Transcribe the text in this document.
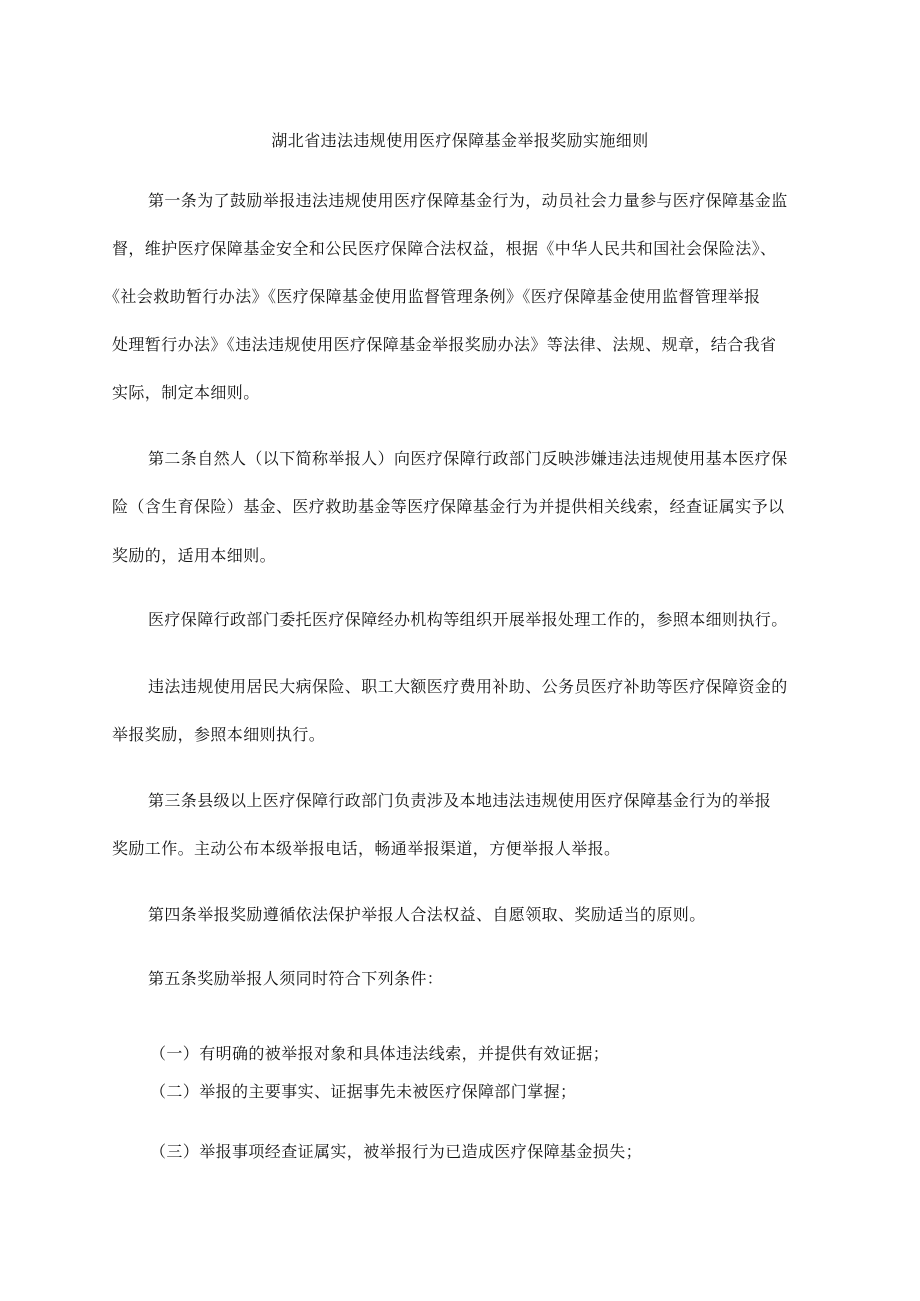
湖北省违法违规使用医疗保障基金举报奖励实施细则
第一条为了鼓励举报违法违规使用医疗保障基金行为，动员社会力量参与医疗保障基金监
督，维护医疗保障基金安全和公民医疗保障合法权益，根据《中华人民共和国社会保险法》、
《社会救助暂行办法》《医疗保障基金使用监督管理条例》《医疗保障基金使用监督管理举报
处理暂行办法》《违法违规使用医疗保障基金举报奖励办法》等法律、法规、规章，结合我省
实际，制定本细则。
第二条自然人（以下简称举报人）向医疗保障行政部门反映涉嫌违法违规使用基本医疗保
险（含生育保险）基金、医疗救助基金等医疗保障基金行为并提供相关线索，经查证属实予以
奖励的，适用本细则。
医疗保障行政部门委托医疗保障经办机构等组织开展举报处理工作的，参照本细则执行。
违法违规使用居民大病保险、职工大额医疗费用补助、公务员医疗补助等医疗保障资金的
举报奖励，参照本细则执行。
第三条县级以上医疗保障行政部门负责涉及本地违法违规使用医疗保障基金行为的举报
奖励工作。主动公布本级举报电话，畅通举报渠道，方便举报人举报。
第四条举报奖励遵循依法保护举报人合法权益、自愿领取、奖励适当的原则。
第五条奖励举报人须同时符合下列条件：
（一）有明确的被举报对象和具体违法线索，并提供有效证据；
（二）举报的主要事实、证据事先未被医疗保障部门掌握；
（三）举报事项经查证属实，被举报行为已造成医疗保障基金损失；
